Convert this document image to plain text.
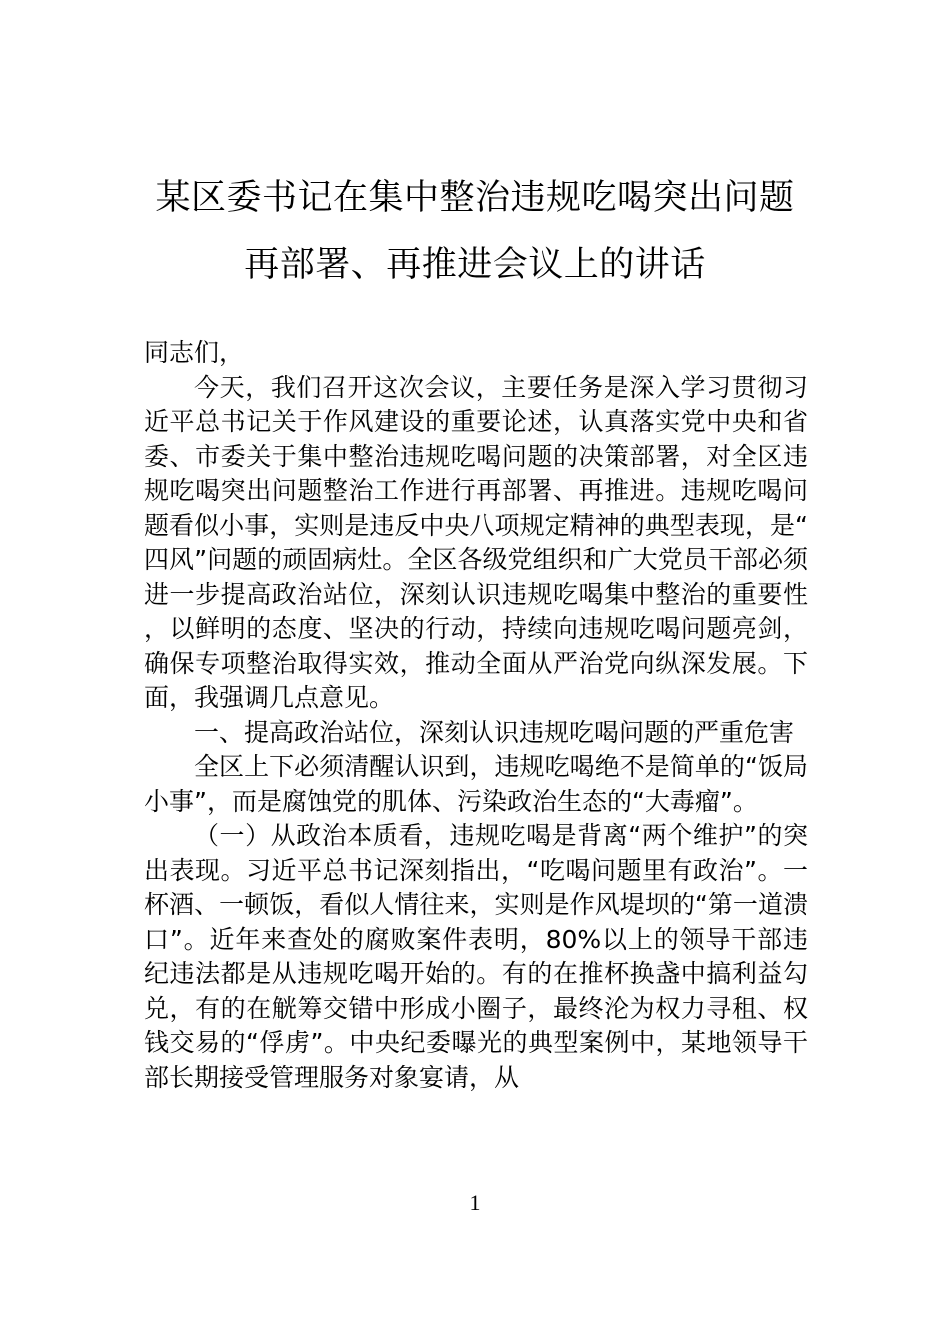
某区委书记在集中整治违规吃喝突出问题
再部署、再推进会议上的讲话

同志们，

今天，我们召开这次会议，主要任务是深入学习贯彻习近平总书记关于作风建设的重要论述，认真落实党中央和省委、市委关于集中整治违规吃喝问题的决策部署，对全区违规吃喝突出问题整治工作进行再部署、再推进。违规吃喝问题看似小事，实则是违反中央八项规定精神的典型表现，是“四风”问题的顽固病灶。全区各级党组织和广大党员干部必须进一步提高政治站位，深刻认识违规吃喝集中整治的重要性，以鲜明的态度、坚决的行动，持续向违规吃喝问题亮剑，确保专项整治取得实效，推动全面从严治党向纵深发展。下面，我强调几点意见。

一、提高政治站位，深刻认识违规吃喝问题的严重危害

全区上下必须清醒认识到，违规吃喝绝不是简单的“饭局小事”，而是腐蚀党的肌体、污染政治生态的“大毒瘤”。

（一）从政治本质看，违规吃喝是背离“两个维护”的突出表现。习近平总书记深刻指出，“吃喝问题里有政治”。一杯酒、一顿饭，看似人情往来，实则是作风堤坝的“第一道溃口”。近年来查处的腐败案件表明，80%以上的领导干部违纪违法都是从违规吃喝开始的。有的在推杯换盏中搞利益勾兑，有的在觥筹交错中形成小圈子，最终沦为权力寻租、权钱交易的“俘虏”。中央纪委曝光的典型案例中，某地领导干部长期接受管理服务对象宴请，从

1
